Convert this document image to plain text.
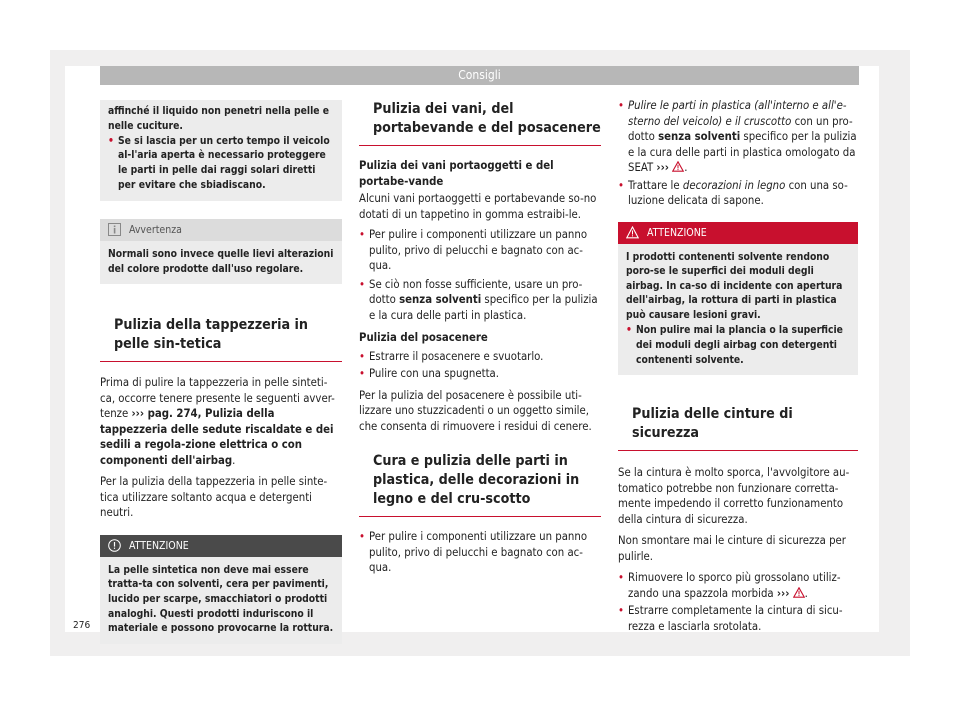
Consigli

affinché il liquido non penetri nella pelle e nelle cuciture.

• Se si lascia per un certo tempo il veicolo al-l'aria aperta è necessario proteggere le parti in pelle dai raggi solari diretti per evitare che sbiadiscano.

Avvertenza

Normali sono invece quelle lievi alterazioni del colore prodotte dall'uso regolare.

Pulizia della tappezzeria in pelle sin-tetica

Prima di pulire la tappezzeria in pelle sinteti-ca, occorre tenere presente le seguenti avver-tenze ››› pag. 274, Pulizia della tappezzeria delle sedute riscaldate e dei sedili a regola-zione elettrica o con componenti dell'airbag.

Per la pulizia della tappezzeria in pelle sinte-tica utilizzare soltanto acqua e detergenti neutri.

ATTENZIONE

La pelle sintetica non deve mai essere tratta-ta con solventi, cera per pavimenti, lucido per scarpe, smacchiatori o prodotti analoghi. Questi prodotti induriscono il materiale e possono provocarne la rottura.

Pulizia dei vani, del portabevande e del posacenere

Pulizia dei vani portaoggetti e del portabe-vande

Alcuni vani portaoggetti e portabevande so-no dotati di un tappetino in gomma estraibi-le.

• Per pulire i componenti utilizzare un panno pulito, privo di pelucchi e bagnato con ac-qua.

• Se ciò non fosse sufficiente, usare un pro-dotto senza solventi specifico per la pulizia e la cura delle parti in plastica.

Pulizia del posacenere

• Estrarre il posacenere e svuotarlo.

• Pulire con una spugnetta.

Per la pulizia del posacenere è possibile uti-lizzare uno stuzzicadenti o un oggetto simile, che consenta di rimuovere i residui di cenere.

Cura e pulizia delle parti in plastica, delle decorazioni in legno e del cru-scotto

• Per pulire i componenti utilizzare un panno pulito, privo di pelucchi e bagnato con ac-qua.

• Pulire le parti in plastica (all'interno e all'e-sterno del veicolo) e il cruscotto con un pro-dotto senza solventi specifico per la pulizia e la cura delle parti in plastica omologato da SEAT ››› .

• Trattare le decorazioni in legno con una so-luzione delicata di sapone.

ATTENZIONE

I prodotti contenenti solvente rendono poro-se le superfici dei moduli degli airbag. In ca-so di incidente con apertura dell'airbag, la rottura di parti in plastica può causare lesioni gravi.

• Non pulire mai la plancia o la superficie dei moduli degli airbag con detergenti contenenti solvente.

Pulizia delle cinture di sicurezza

Se la cintura è molto sporca, l'avvolgitore au-tomatico potrebbe non funzionare corretta-mente impedendo il corretto funzionamento della cintura di sicurezza.

Non smontare mai le cinture di sicurezza per pulirle.

• Rimuovere lo sporco più grossolano utiliz-zando una spazzola morbida ››› .

• Estrarre completamente la cintura di sicu-rezza e lasciarla srotolata.

276
